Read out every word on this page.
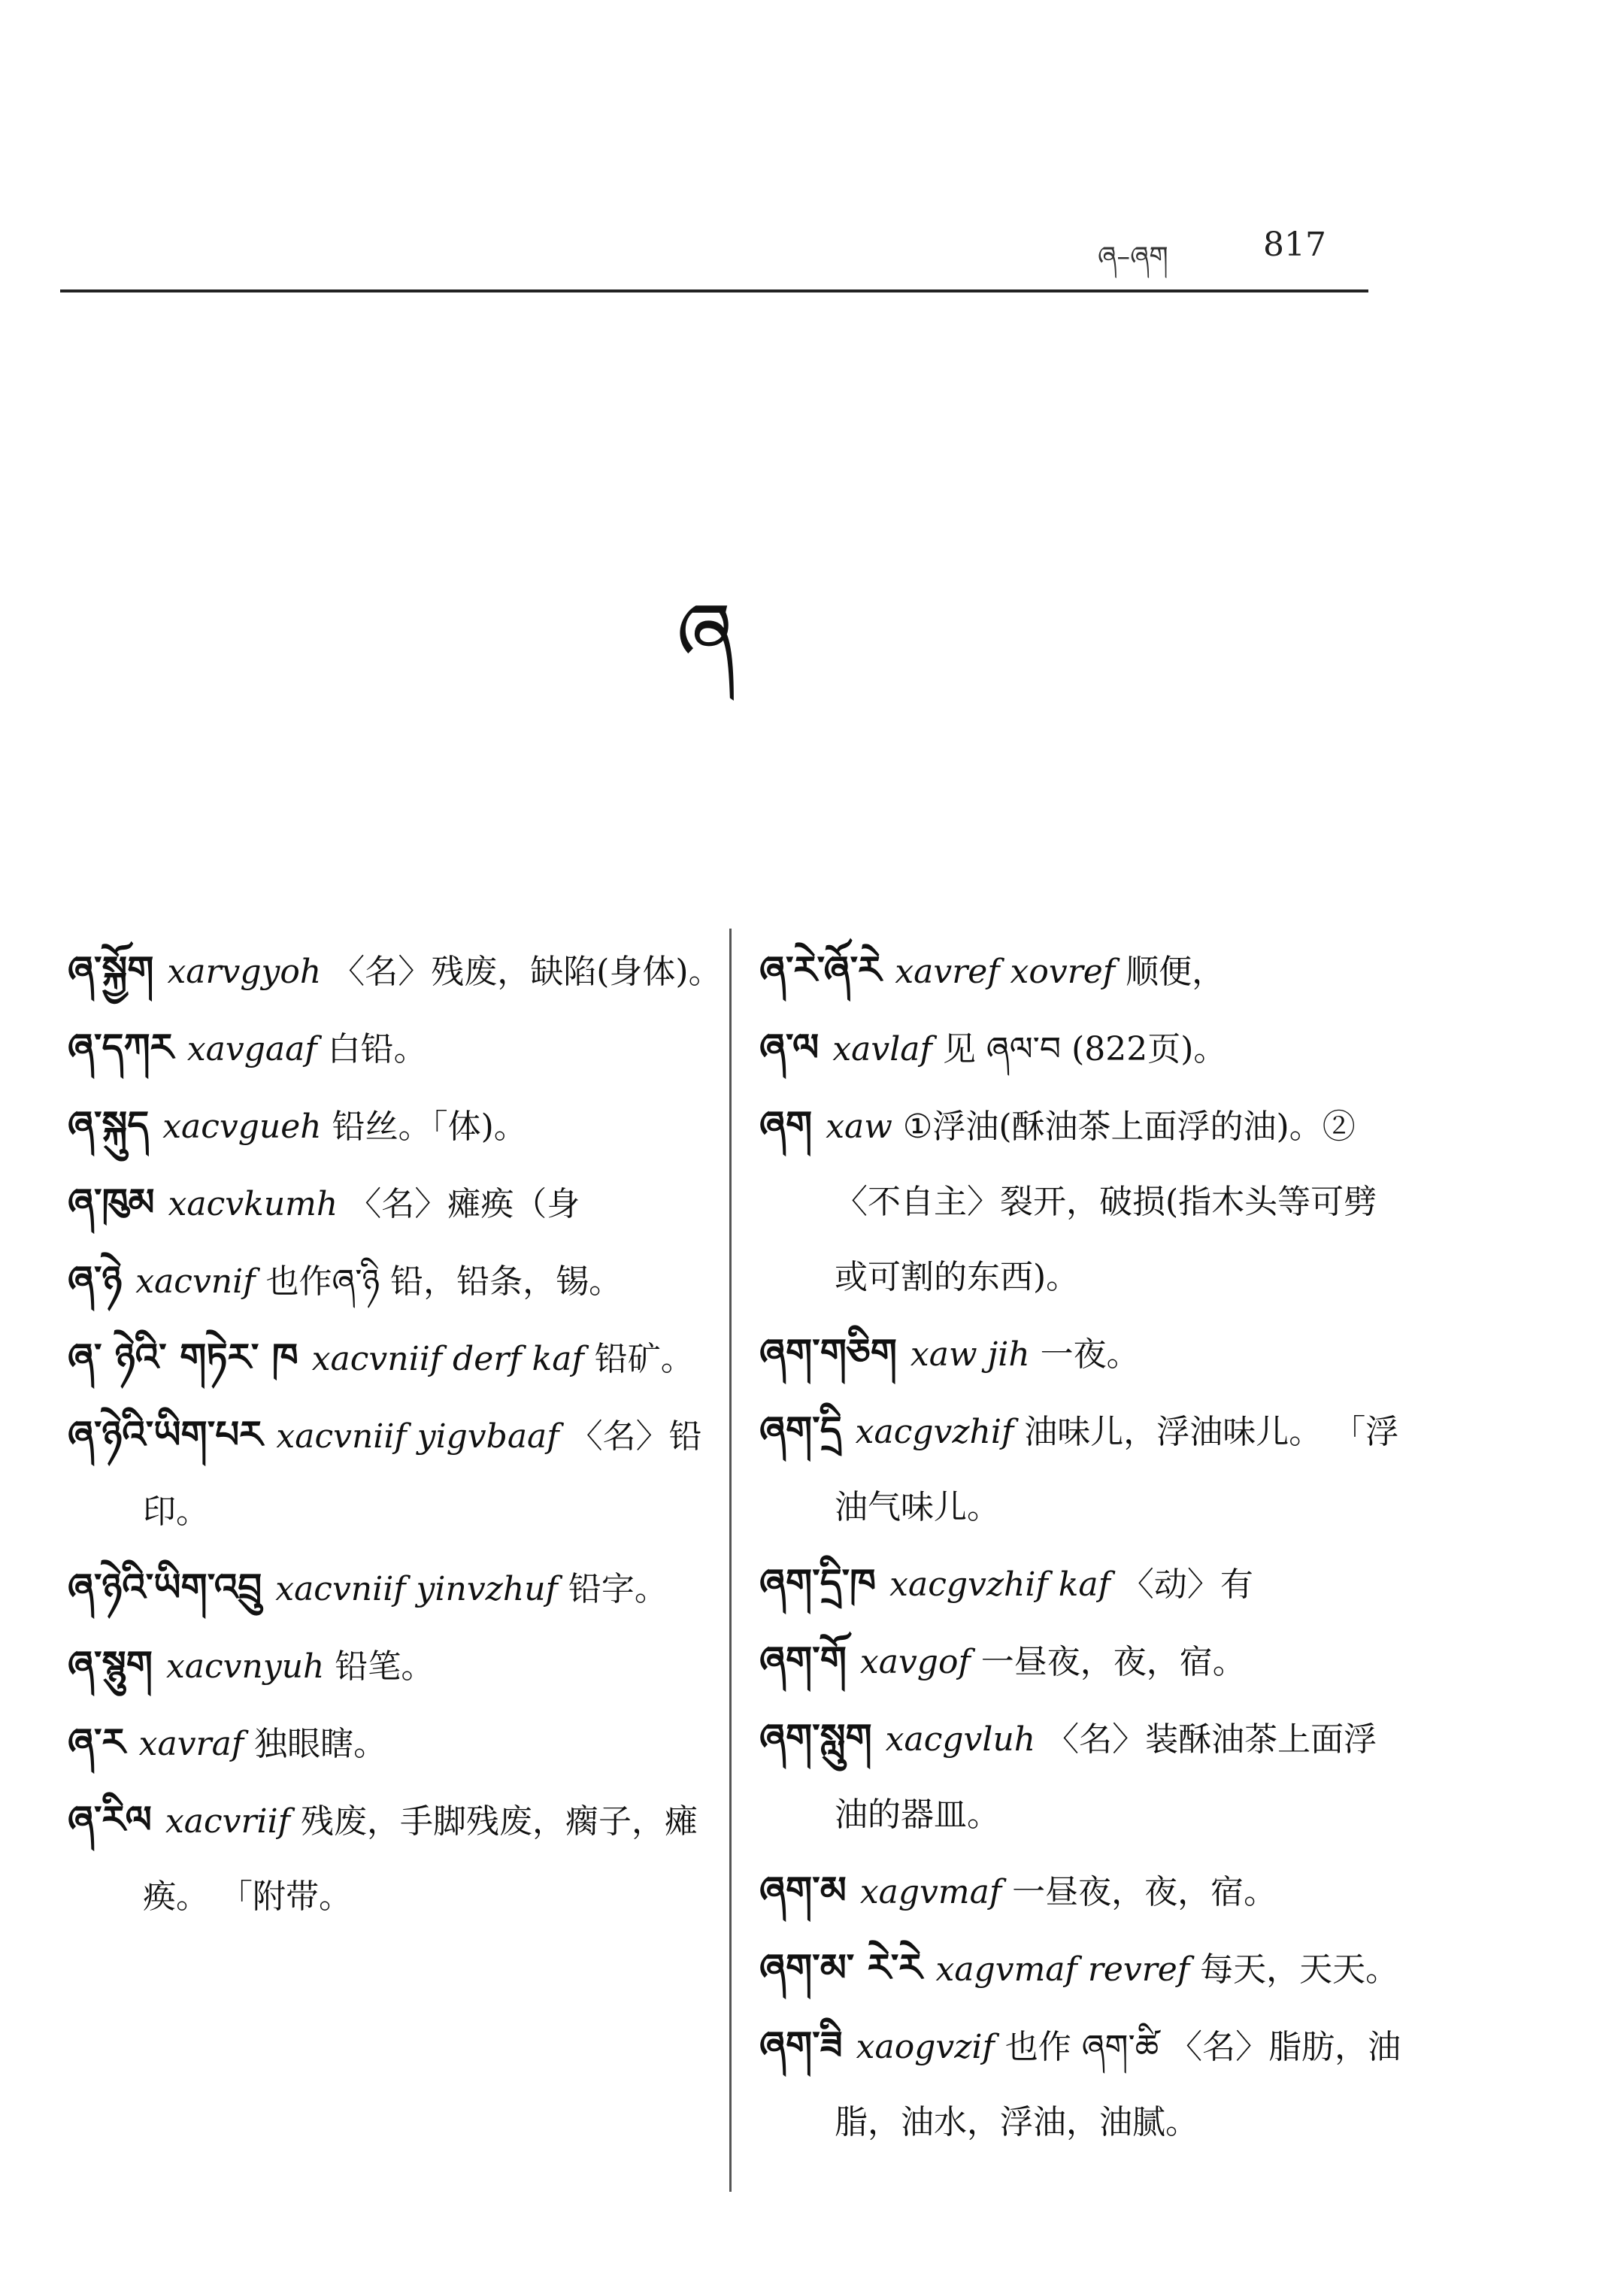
ཞ–ཞག	817
ཞ

ཞ་སྐྱོག xarvgyoh 〈名〉残废，缺陷(身体)。

ཞ་དཀར xavgaaf 白铅。

ཞ་སྐུད xacvgueh 铅丝。「体)。

ཞ་ཁུམ xacvkumh 〈名〉瘫痪（身

ཞ་ཉེ xacvnif 也作ཞ་ཉི 铅，铅条，锡。

ཞ་ ཉེའི་ གཏེར་ ཁ xacvniif derf kaf 铅矿。

ཞ་ཉེའི་ཡིག་པར xacvniif yigvbaaf 〈名〉铅印。

ཞ་ཉེའི་ཡིག་འབྲུ xacvniif yinvzhuf 铅字。

ཞ་སྙུག xacvnyuh 铅笔。

ཞ་ར xavraf 独眼瞎。

ཞ་རིལ xacvriif 残废，手脚残废，瘸子，瘫痪。 「附带。

ཞ་རེ་ཞོ་རེ xavref xovref 顺便，

ཞ་ལ xavlaf 见 ཞལ་བ (822页)。

ཞག xaw ①浮油(酥油茶上面浮的油)。②〈不自主〉裂开，破损(指木头等可劈或可割的东西)。

ཞག་གཅིག xaw jih 一夜。

ཞག་དྲི xacgvzhif 油味儿，浮油味儿。 「浮油气味儿。

ཞག་དྲི་ཁ xacgvzhif kaf 〈动〉有

ཞག་གོ xavgof 一昼夜，夜，宿。

ཞག་སླུག xacgvluh 〈名〉装酥油茶上面浮油的器皿。

ཞག་མ xagvmaf 一昼夜，夜，宿。

ཞག་མ་ རེ་རེ xagvmaf revref 每天，天天。

ཞག་ཟི xaogvzif 也作 ཞག་ཚི 〈名〉脂肪，油脂，油水，浮油，油腻。
